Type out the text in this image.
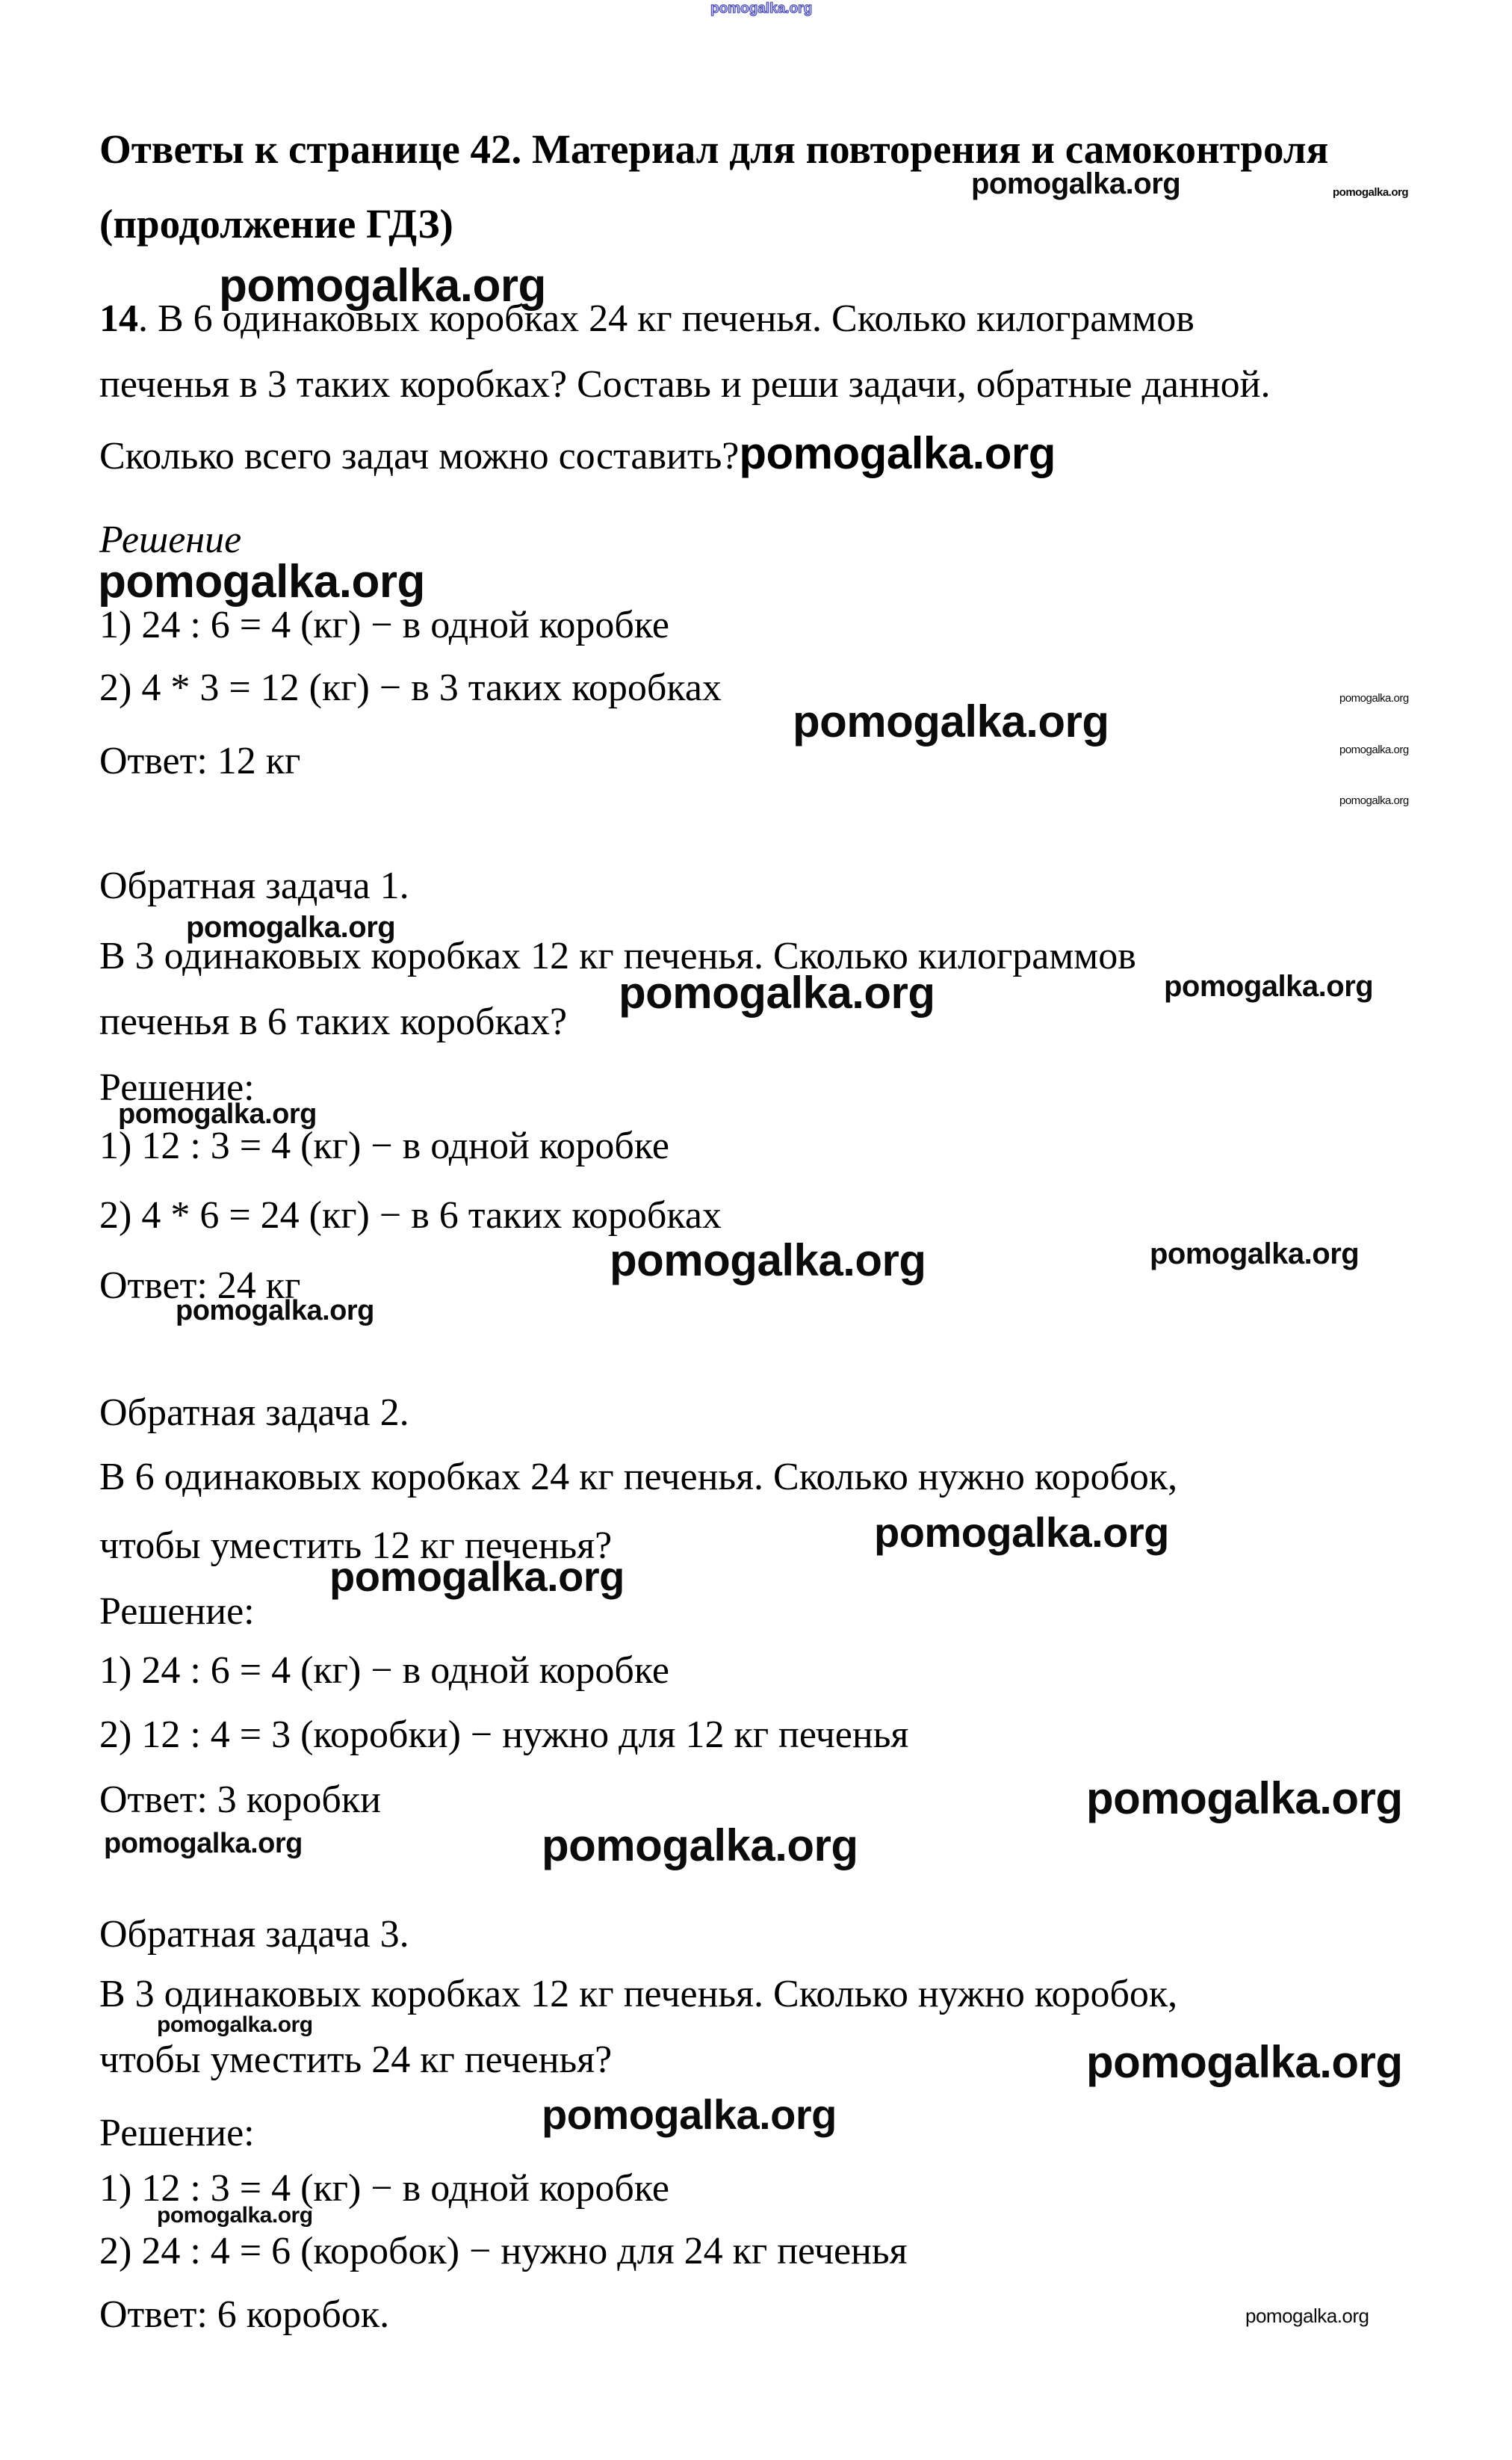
pomogalka.org
Ответы к странице 42. Материал для повторения и самоконтроля
pomogalka.org	pomogalka.org
(продолжение ГДЗ)
pomogalka.org
14. В 6 одинаковых коробках 24 кг печенья. Сколько килограммов
печенья в 3 таких коробках? Составь и реши задачи, обратные данной.
Сколько всего задач можно составить?pomogalka.org
Решение
pomogalka.org
1) 24 : 6 = 4 (кг) − в одной коробке
2) 4 * 3 = 12 (кг) − в 3 таких коробках
pomogalka.org	pomogalka.org
pomogalka.org
pomogalka.org
Ответ: 12 кг
Обратная задача 1.
pomogalka.org
В 3 одинаковых коробках 12 кг печенья. Сколько килограммов
pomogalka.org	pomogalka.org
печенья в 6 таких коробках?
Решение:
pomogalka.org
1) 12 : 3 = 4 (кг) − в одной коробке
2) 4 * 6 = 24 (кг) − в 6 таких коробках
pomogalka.org	pomogalka.org
Ответ: 24 кг
pomogalka.org
Обратная задача 2.
В 6 одинаковых коробках 24 кг печенья. Сколько нужно коробок,
pomogalka.org
чтобы уместить 12 кг печенья?
pomogalka.org
Решение:
1) 24 : 6 = 4 (кг) − в одной коробке
2) 12 : 4 = 3 (коробки) − нужно для 12 кг печенья
Ответ: 3 коробки	pomogalka.org
pomogalka.org	pomogalka.org
Обратная задача 3.
В 3 одинаковых коробках 12 кг печенья. Сколько нужно коробок,
pomogalka.org
чтобы уместить 24 кг печенья?	pomogalka.org
pomogalka.org
Решение:
1) 12 : 3 = 4 (кг) − в одной коробке
pomogalka.org
2) 24 : 4 = 6 (коробок) − нужно для 24 кг печенья
Ответ: 6 коробок.	pomogalka.org
